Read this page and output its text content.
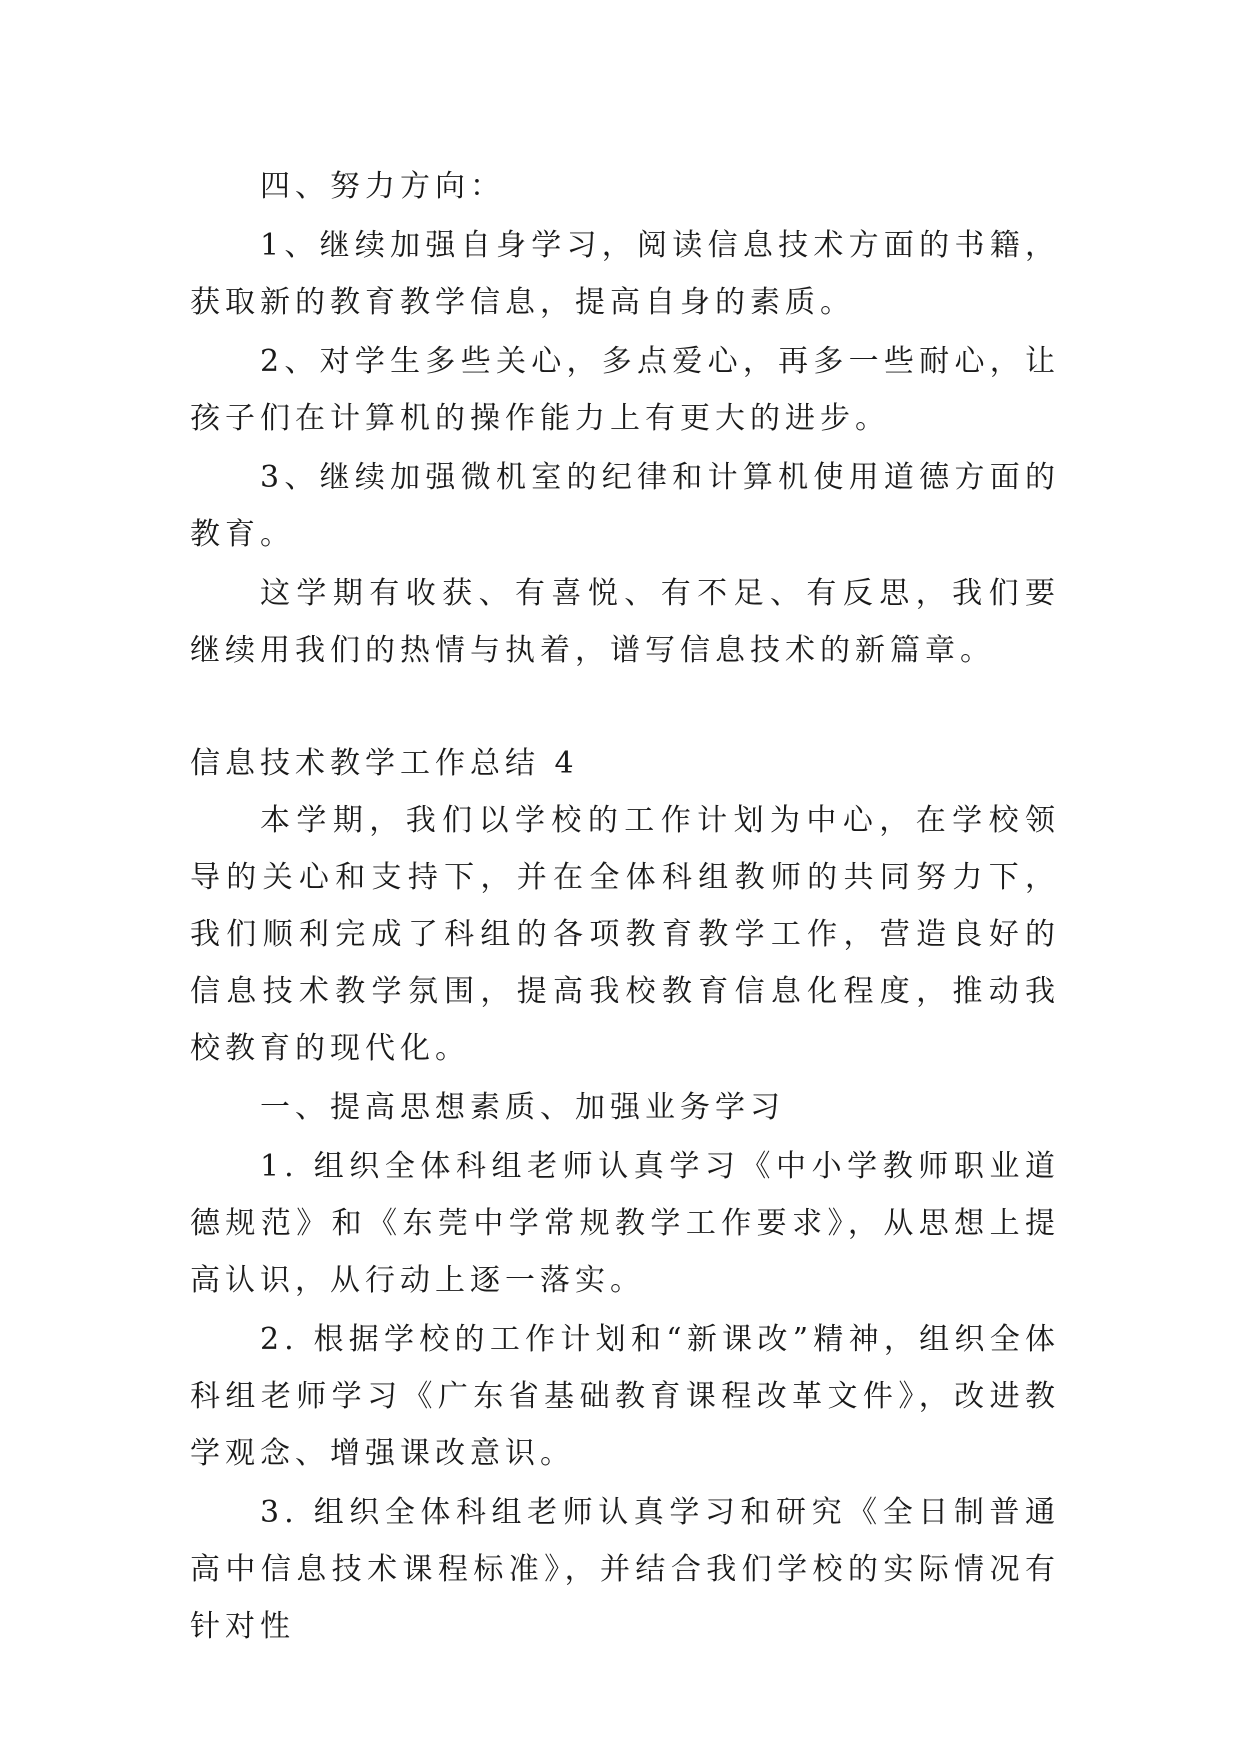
四、努力方向：

1、继续加强自身学习，阅读信息技术方面的书籍，获取新的教育教学信息，提高自身的素质。

2、对学生多些关心，多点爱心，再多一些耐心，让孩子们在计算机的操作能力上有更大的进步。

3、继续加强微机室的纪律和计算机使用道德方面的教育。

这学期有收获、有喜悦、有不足、有反思，我们要继续用我们的热情与执着，谱写信息技术的新篇章。

信息技术教学工作总结 4

本学期，我们以学校的工作计划为中心，在学校领导的关心和支持下，并在全体科组教师的共同努力下，我们顺利完成了科组的各项教育教学工作，营造良好的信息技术教学氛围，提高我校教育信息化程度，推动我校教育的现代化。

一、提高思想素质、加强业务学习

1. 组织全体科组老师认真学习《中小学教师职业道德规范》和《东莞中学常规教学工作要求》，从思想上提高认识，从行动上逐一落实。

2. 根据学校的工作计划和“新课改”精神，组织全体科组老师学习《广东省基础教育课程改革文件》，改进教学观念、增强课改意识。

3. 组织全体科组老师认真学习和研究《全日制普通高中信息技术课程标准》，并结合我们学校的实际情况有针对性
